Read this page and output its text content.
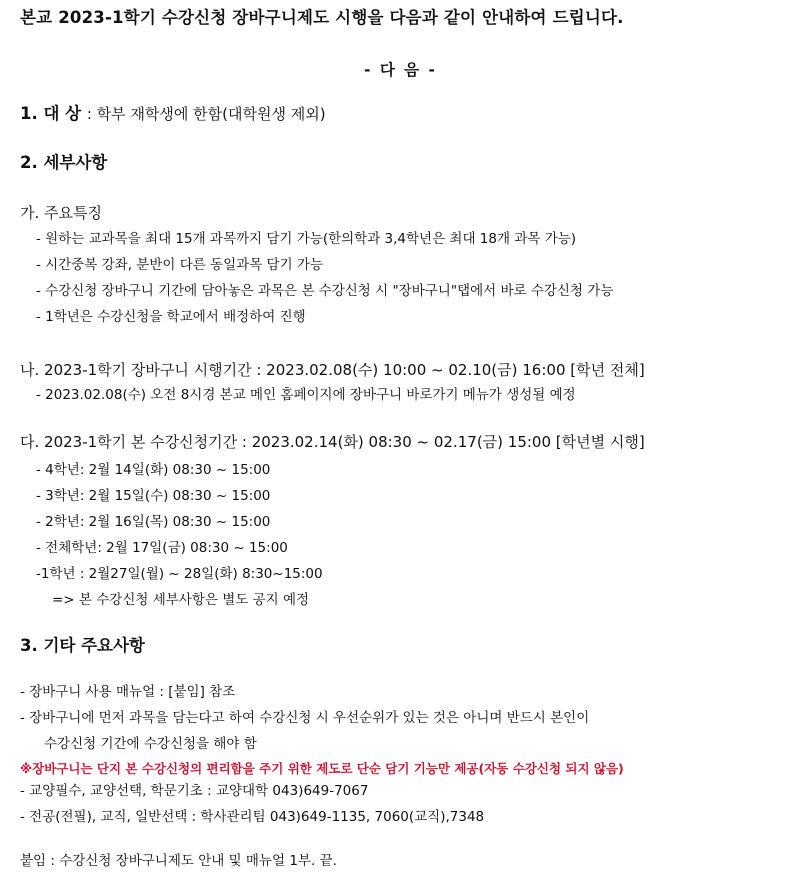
본교 2023-1학기 수강신청 장바구니제도 시행을 다음과 같이 안내하여 드립니다.
- 다 음 -
1. 대 상 : 학부 재학생에 한함(대학원생 제외)
2. 세부사항
가. 주요특징
- 원하는 교과목을 최대 15개 과목까지 담기 가능(한의학과 3,4학년은 최대 18개 과목 가능)
- 시간중복 강좌, 분반이 다른 동일과목 담기 가능
- 수강신청 장바구니 기간에 담아놓은 과목은 본 수강신청 시 "장바구니"탭에서 바로 수강신청 가능
- 1학년은 수강신청을 학교에서 배정하여 진행
나. 2023-1학기 장바구니 시행기간 : 2023.02.08(수) 10:00 ~ 02.10(금) 16:00 [학년 전체]
- 2023.02.08(수) 오전 8시경 본교 메인 홈페이지에 장바구니 바로가기 메뉴가 생성될 예정
다. 2023-1학기 본 수강신청기간 : 2023.02.14(화) 08:30 ~ 02.17(금) 15:00 [학년별 시행]
- 4학년: 2월 14일(화) 08:30 ~ 15:00
- 3학년: 2월 15일(수) 08:30 ~ 15:00
- 2학년: 2월 16일(목) 08:30 ~ 15:00
- 전체학년: 2월 17일(금) 08:30 ~ 15:00
-1학년 : 2월27일(월) ~ 28일(화) 8:30~15:00
=> 본 수강신청 세부사항은 별도 공지 예정
3. 기타 주요사항
- 장바구니 사용 매뉴얼 : [붙임] 참조
- 장바구니에 먼저 과목을 담는다고 하여 수강신청 시 우선순위가 있는 것은 아니며 반드시 본인이
수강신청 기간에 수강신청을 해야 함
※장바구니는 단지 본 수강신청의 편리함을 주기 위한 제도로 단순 담기 기능만 제공(자동 수강신청 되지 않음)
- 교양필수, 교양선택, 학문기초 : 교양대학 043)649-7067
- 전공(전필), 교직, 일반선택 : 학사관리팀 043)649-1135, 7060(교직),7348
붙임 : 수강신청 장바구니제도 안내 및 매뉴얼 1부. 끝.
